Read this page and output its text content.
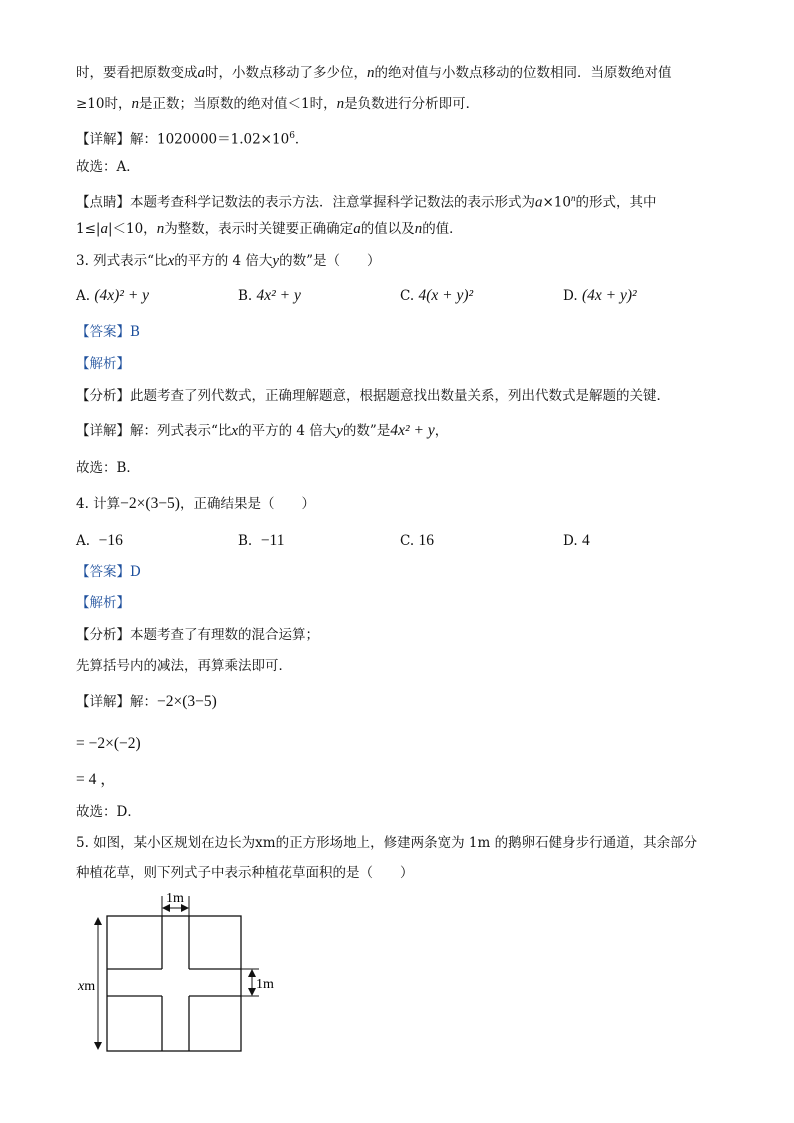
时，要看把原数变成a时，小数点移动了多少位，n的绝对值与小数点移动的位数相同．当原数绝对值
≥10时，n是正数；当原数的绝对值＜1时，n是负数进行分析即可．
【详解】解：$1020000=1.02\times 10^6$．
故选：A．
【点睛】本题考查科学记数法的表示方法．注意掌握科学记数法的表示形式为$a\times 10^n$的形式，其中
1≤|a|＜10，n为整数，表示时关键要正确确定a的值以及n的值．
3. 列式表示“比x的平方的 4 倍大y的数”是（　　）
A. (4x)² + y	B. 4x² + y	C. 4(x + y)²	D. (4x + y)²
【答案】B
【解析】
【分析】此题考查了列代数式，正确理解题意，根据题意找出数量关系，列出代数式是解题的关键．
【详解】解：列式表示“比x的平方的 4 倍大y的数”是4x² + y，
故选：B．
4. 计算−2×(3−5)，正确结果是（　　）
A. −16	B. −11	C. 16	D. 4
【答案】D
【解析】
【分析】本题考查了有理数的混合运算；
先算括号内的减法，再算乘法即可．
【详解】解：−2×(3−5)
= −2×(−2)
= 4 ，
故选：D．
5. 如图，某小区规划在边长为xm的正方形场地上，修建两条宽为 1m 的鹅卵石健身步行通道，其余部分
种植花草，则下列式子中表示种植花草面积的是（　　）
1m
1m
xm
